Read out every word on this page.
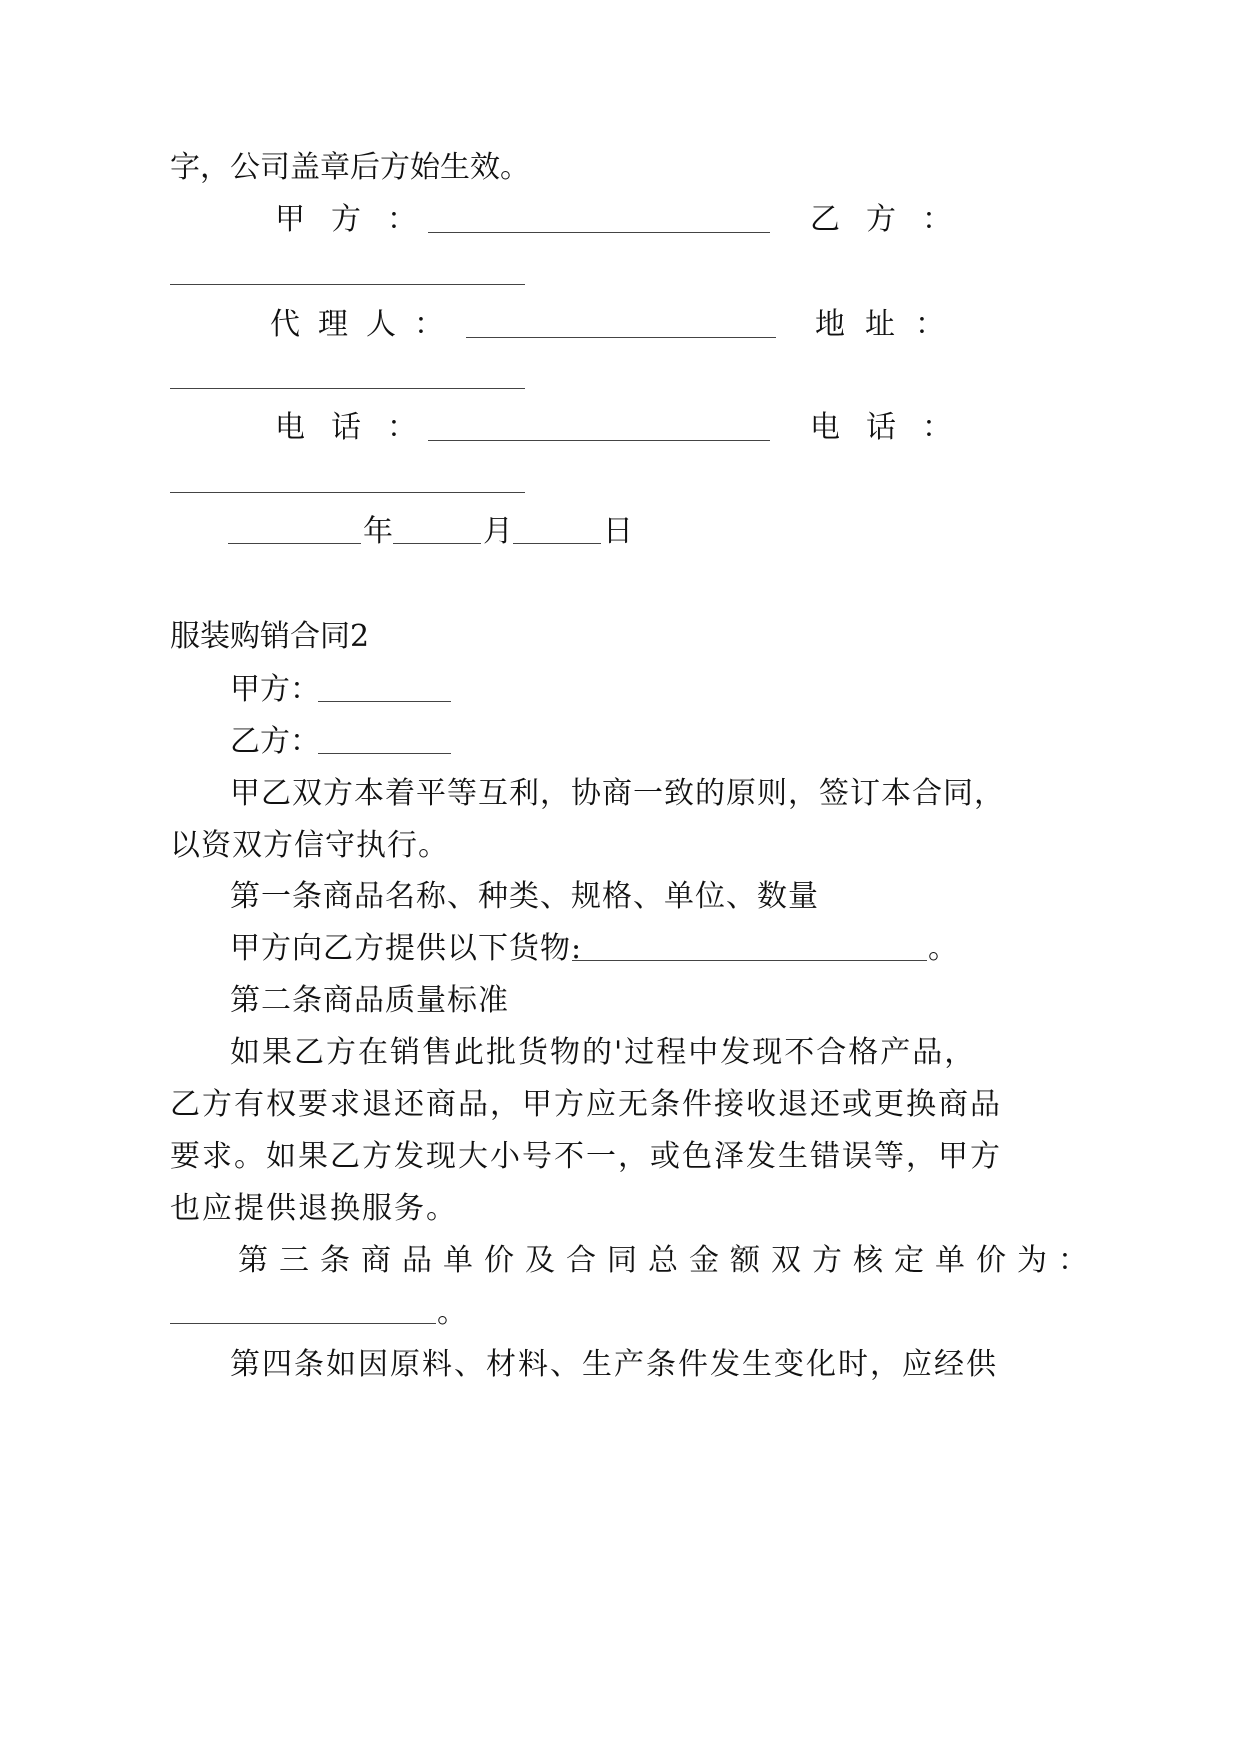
字，公司盖章后方始生效。
甲方：	乙方：
代理人：	地址：
电话：	电话：
年	月	日
服装购销合同2
甲方：
乙方：
甲乙双方本着平等互利，协商一致的原则，签订本合同，
以资双方信守执行。
第一条商品名称、种类、规格、单位、数量
甲方向乙方提供以下货物:	。
第二条商品质量标准
如果乙方在销售此批货物的'过程中发现不合格产品，
乙方有权要求退还商品，甲方应无条件接收退还或更换商品
要求。如果乙方发现大小号不一，或色泽发生错误等，甲方
也应提供退换服务。
第三条商品单价及合同总金额双方核定单价为：
。
第四条如因原料、材料、生产条件发生变化时，应经供
